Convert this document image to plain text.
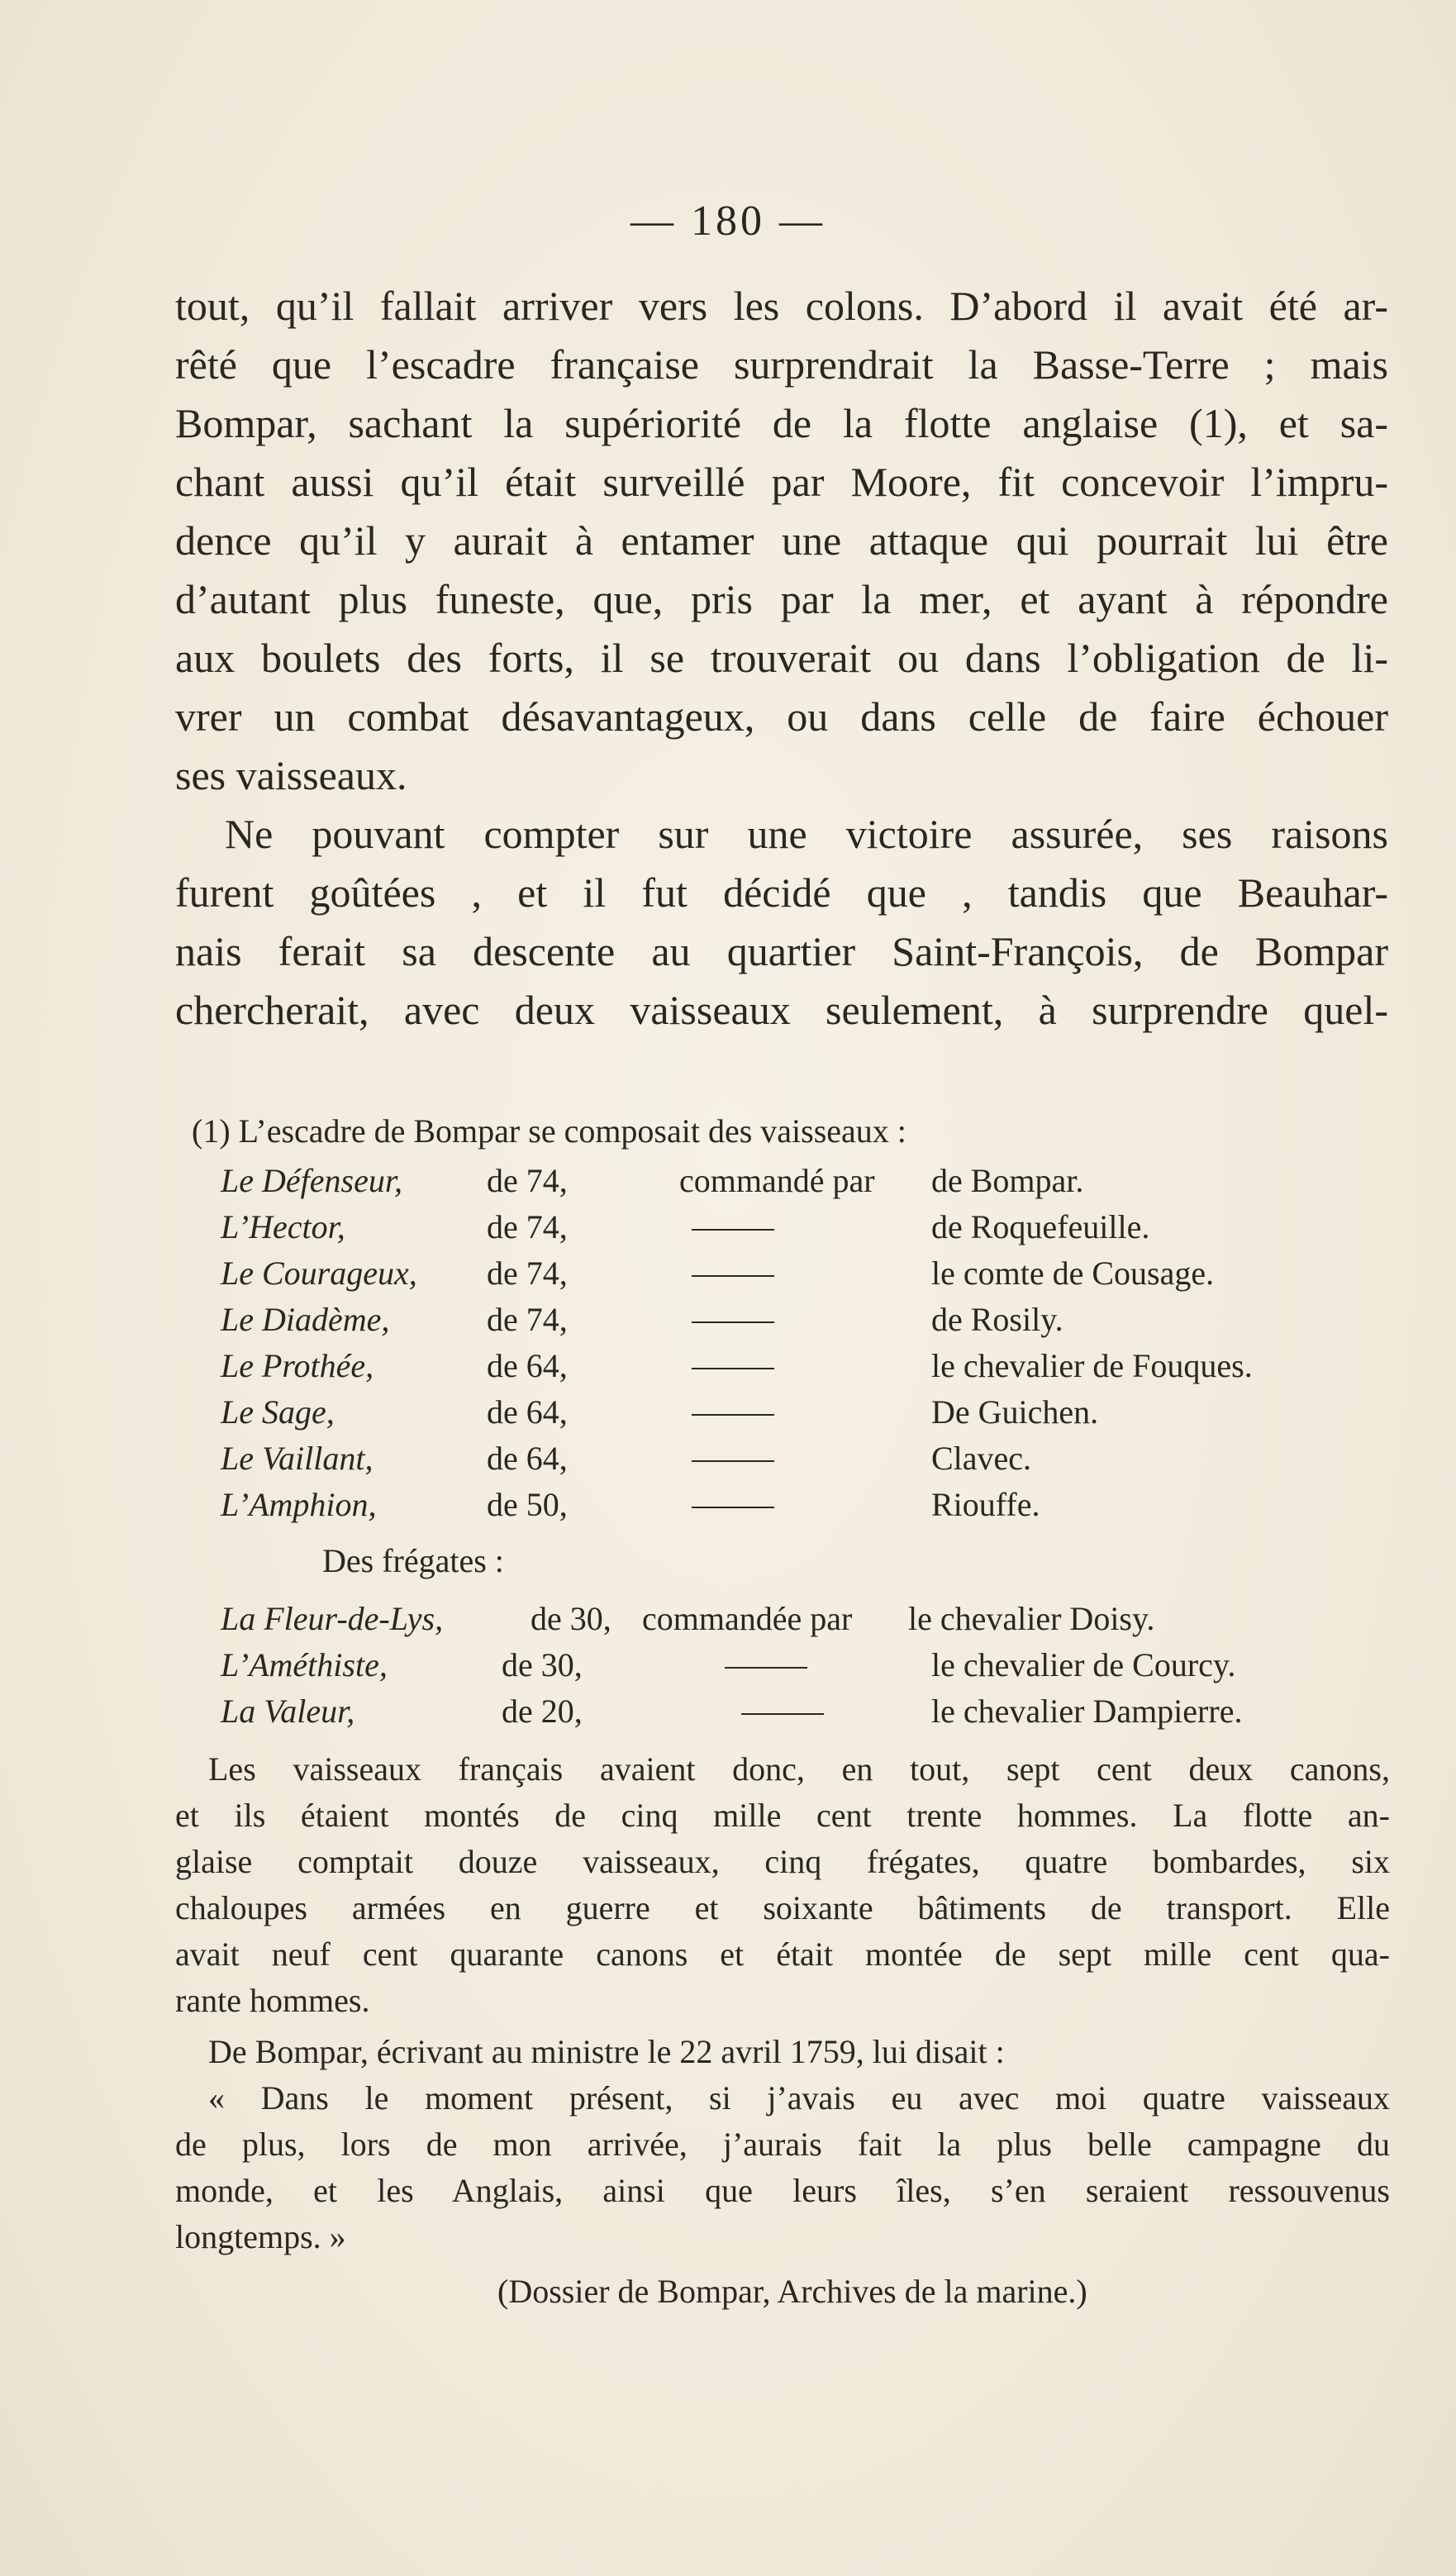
— 180 —
tout, qu’il fallait arriver vers les colons. D’abord il avait été ar-
rêté que l’escadre française surprendrait la Basse-Terre ; mais
Bompar, sachant la supériorité de la flotte anglaise (1), et sa-
chant aussi qu’il était surveillé par Moore, fit concevoir l’impru-
dence qu’il y aurait à entamer une attaque qui pourrait lui être
d’autant plus funeste, que, pris par la mer, et ayant à répondre
aux boulets des forts, il se trouverait ou dans l’obligation de li-
vrer un combat désavantageux, ou dans celle de faire échouer
ses vaisseaux.
Ne pouvant compter sur une victoire assurée, ses raisons
furent goûtées , et il fut décidé que , tandis que Beauhar-
nais ferait sa descente au quartier Saint-François, de Bompar
chercherait, avec deux vaisseaux seulement, à surprendre quel-
(1) L’escadre de Bompar se composait des vaisseaux :
Le Défenseur,	de 74,	commandé par de Bompar.
L’Hector,	de 74,	de Roquefeuille.
Le Courageux, de 74,	le comte de Cousage.
Le Diadème,	de 74,	de Rosily.
Le Prothée,	de 64,	le chevalier de Fouques.
Le Sage,	de 64,	De Guichen.
Le Vaillant,	de 64,	Clavec.
L’Amphion,	de 50,	Riouffe.
Des frégates :
La Fleur-de-Lys,	de 30, commandée par le chevalier Doisy.
L’Améthiste,	de 30,	le chevalier de Courcy.
La Valeur,	de 20,	le chevalier Dampierre.
Les vaisseaux français avaient donc, en tout, sept cent deux canons,
et ils étaient montés de cinq mille cent trente hommes. La flotte an-
glaise comptait douze vaisseaux, cinq frégates, quatre bombardes, six
chaloupes armées en guerre et soixante bâtiments de transport. Elle
avait neuf cent quarante canons et était montée de sept mille cent qua-
rante hommes.
De Bompar, écrivant au ministre le 22 avril 1759, lui disait :
« Dans le moment présent, si j’avais eu avec moi quatre vaisseaux
de plus, lors de mon arrivée, j’aurais fait la plus belle campagne du
monde, et les Anglais, ainsi que leurs îles, s’en seraient ressouvenus
longtemps. »
(Dossier de Bompar, Archives de la marine.)
